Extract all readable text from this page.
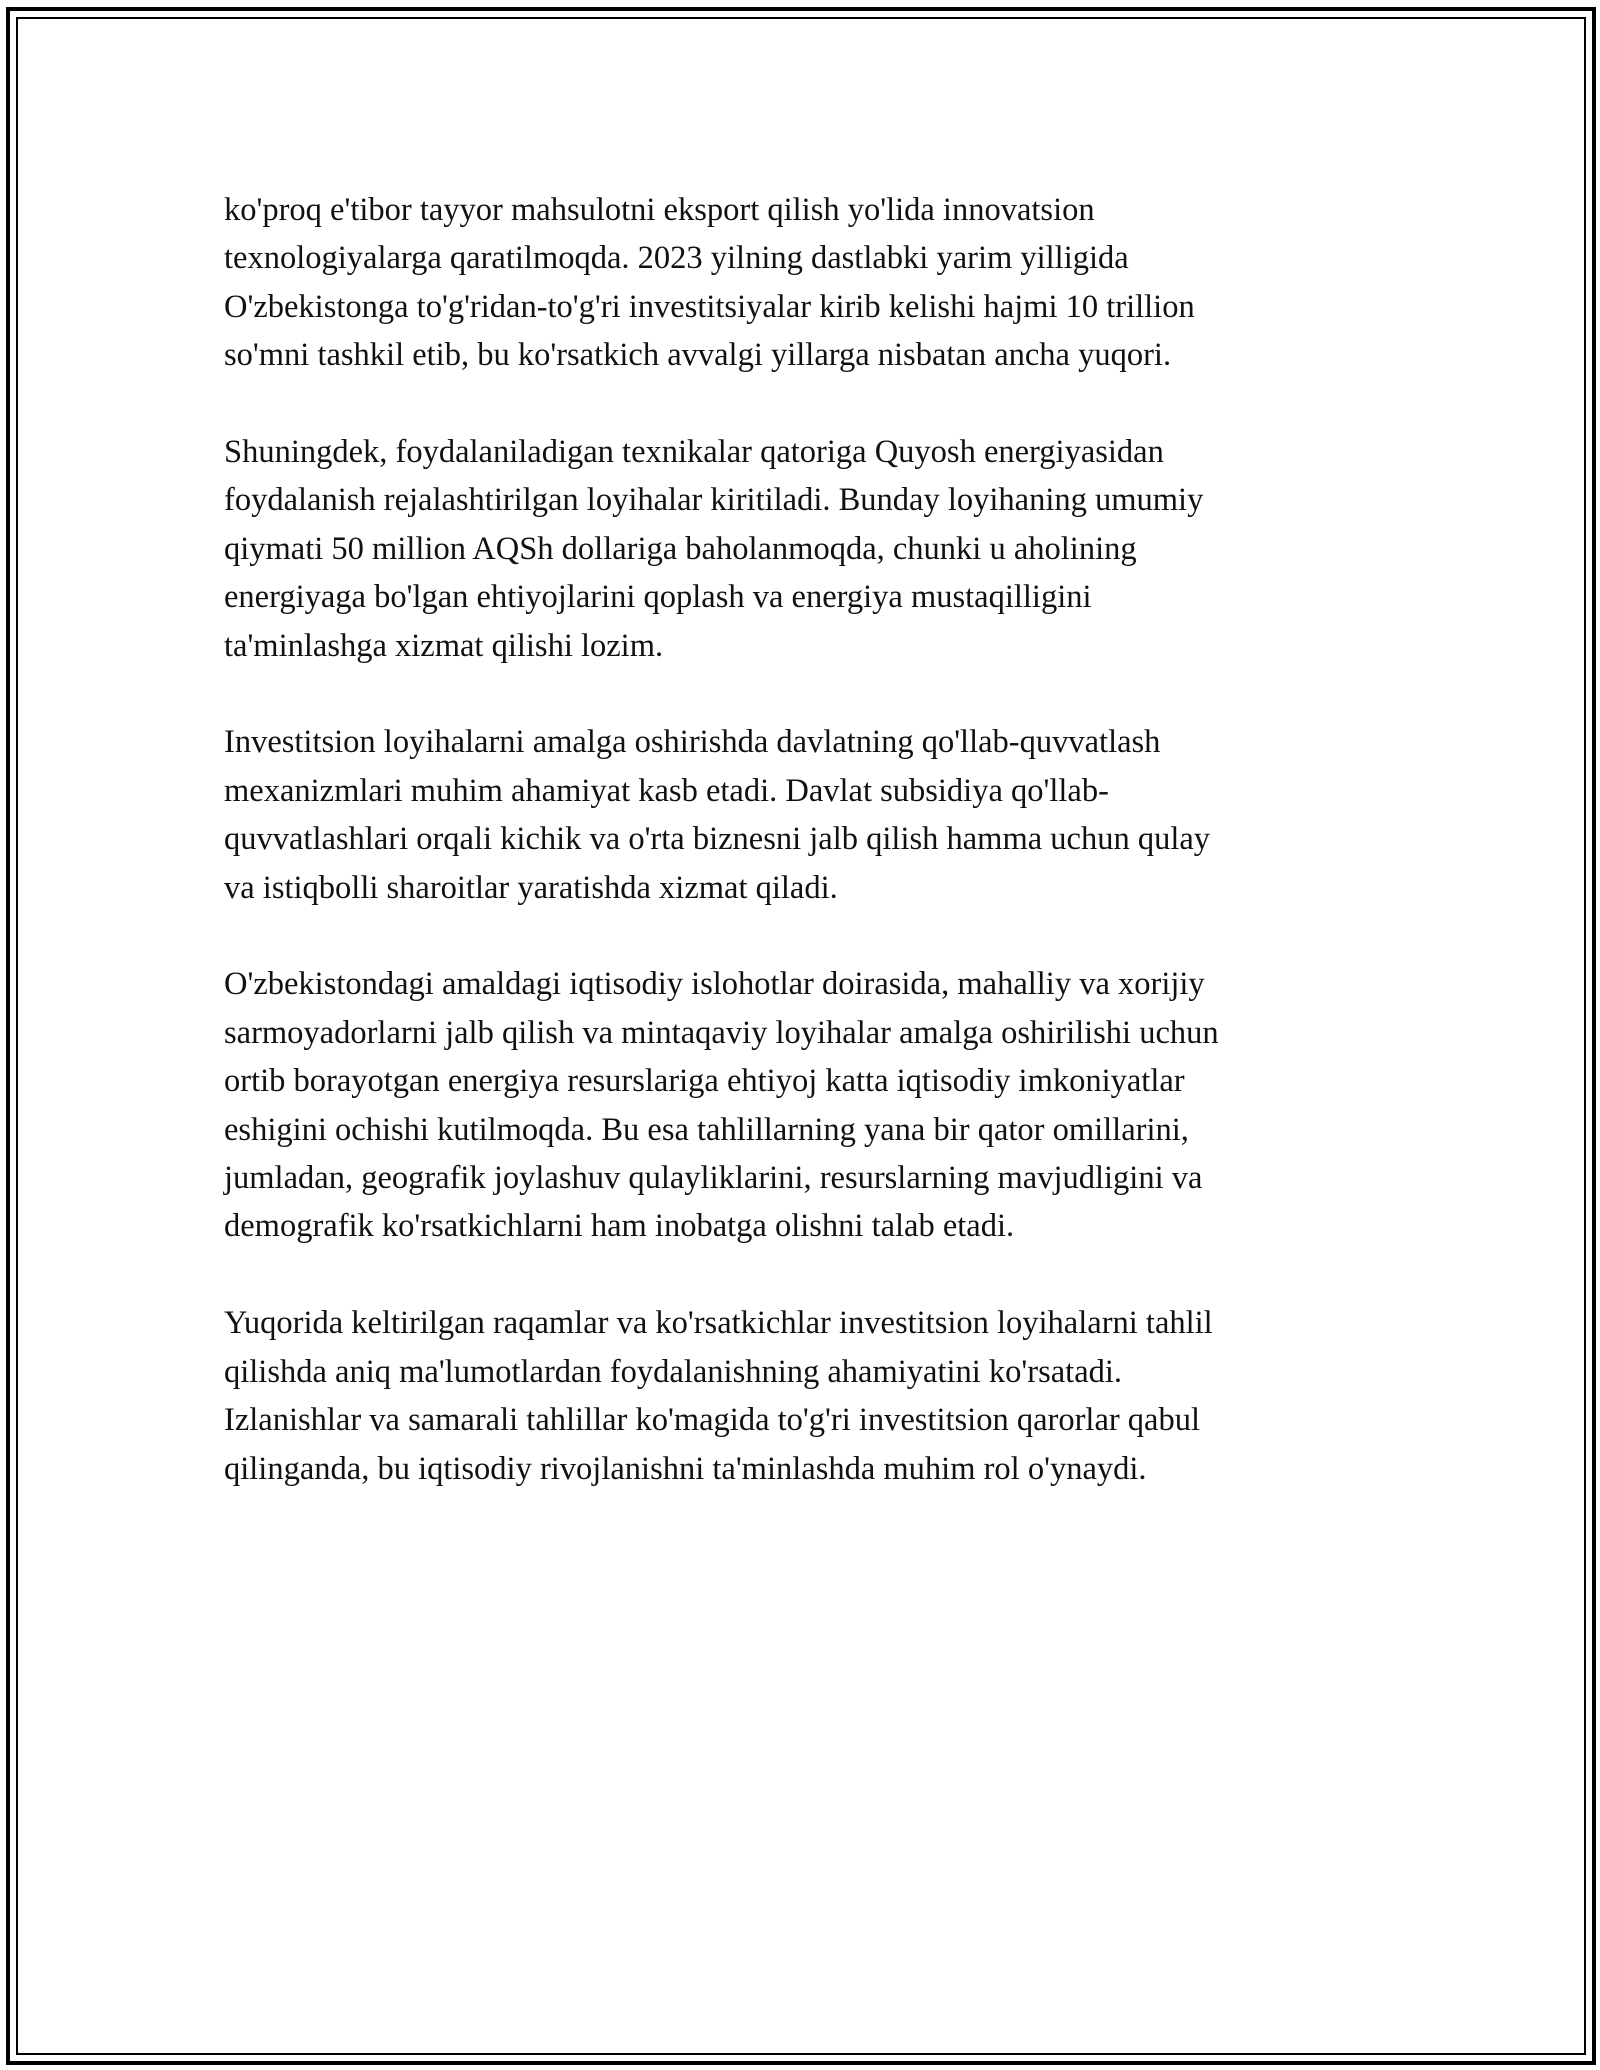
ko'proq e'tibor tayyor mahsulotni eksport qilish yo'lida innovatsion
texnologiyalarga qaratilmoqda. 2023 yilning dastlabki yarim yilligida
O'zbekistonga to'g'ridan-to'g'ri investitsiyalar kirib kelishi hajmi 10 trillion
so'mni tashkil etib, bu ko'rsatkich avvalgi yillarga nisbatan ancha yuqori.

Shuningdek, foydalaniladigan texnikalar qatoriga Quyosh energiyasidan
foydalanish rejalashtirilgan loyihalar kiritiladi. Bunday loyihaning umumiy
qiymati 50 million AQSh dollariga baholanmoqda, chunki u aholining
energiyaga bo'lgan ehtiyojlarini qoplash va energiya mustaqilligini
ta'minlashga xizmat qilishi lozim.

Investitsion loyihalarni amalga oshirishda davlatning qo'llab-quvvatlash
mexanizmlari muhim ahamiyat kasb etadi. Davlat subsidiya qo'llab-
quvvatlashlari orqali kichik va o'rta biznesni jalb qilish hamma uchun qulay
va istiqbolli sharoitlar yaratishda xizmat qiladi.

O'zbekistondagi amaldagi iqtisodiy islohotlar doirasida, mahalliy va xorijiy
sarmoyadorlarni jalb qilish va mintaqaviy loyihalar amalga oshirilishi uchun
ortib borayotgan energiya resurslariga ehtiyoj katta iqtisodiy imkoniyatlar
eshigini ochishi kutilmoqda. Bu esa tahlillarning yana bir qator omillarini,
jumladan, geografik joylashuv qulayliklarini, resurslarning mavjudligini va
demografik ko'rsatkichlarni ham inobatga olishni talab etadi.

Yuqorida keltirilgan raqamlar va ko'rsatkichlar investitsion loyihalarni tahlil
qilishda aniq ma'lumotlardan foydalanishning ahamiyatini ko'rsatadi.
Izlanishlar va samarali tahlillar ko'magida to'g'ri investitsion qarorlar qabul
qilinganda, bu iqtisodiy rivojlanishni ta'minlashda muhim rol o'ynaydi.
